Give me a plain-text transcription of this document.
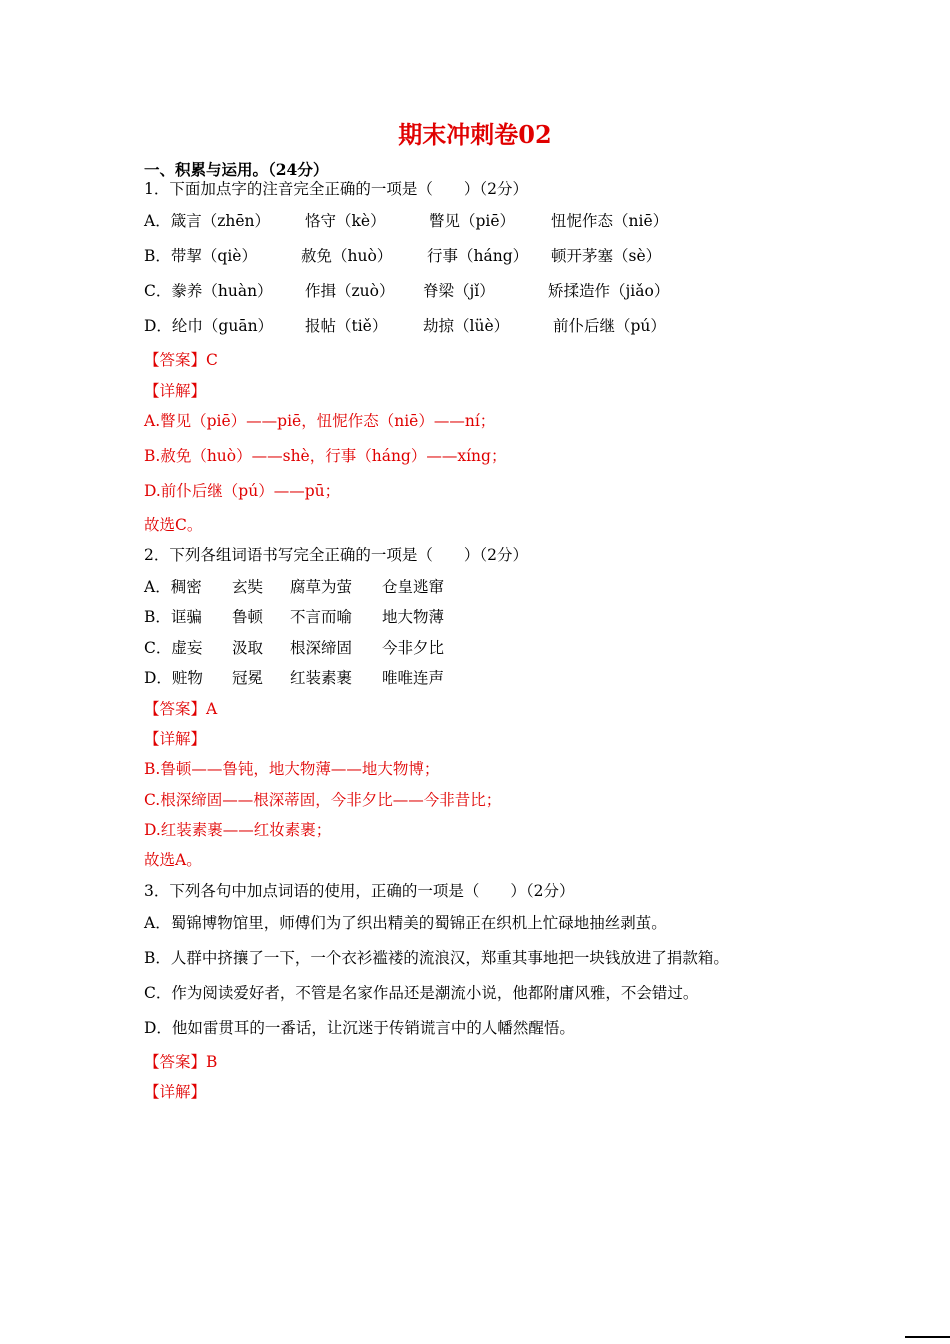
期末冲刺卷02
一、积累与运用。（24分）
1．下面加点字的注音完全正确的一项是（　　）（2分）
A．箴言（zhēn） 恪守（kè）	瞥见（piē） 忸怩作态（niē）
B．带挈（qiè）	赦免（huò） 行事（háng） 顿开茅塞（sè）
C．豢养（huàn） 作揖（zuò） 脊梁（jǐ）	矫揉造作（jiǎo）
D．纶巾（guān） 报帖（tiě） 劫掠（lüè）	前仆后继（pú）
【答案】C
【详解】
A.瞥见（piē）——piē，忸怩作态（niē）——ní；
B.赦免（huò）——shè，行事（háng）——xíng；
D.前仆后继（pú）——pū；
故选C。
2．下列各组词语书写完全正确的一项是（　　）（2分）
A．稠密 玄奘 腐草为萤 仓皇逃窜
B．诓骗 鲁顿 不言而喻 地大物薄
C．虚妄 汲取 根深缔固 今非夕比
D．赃物 冠冕 红装素裹 唯唯连声
【答案】A
【详解】
B.鲁顿——鲁钝，地大物薄——地大物博；
C.根深缔固——根深蒂固，今非夕比——今非昔比；
D.红装素裹——红妆素裹；
故选A。
3．下列各句中加点词语的使用，正确的一项是（　　）（2分）
A．蜀锦博物馆里，师傅们为了织出精美的蜀锦正在织机上忙碌地抽丝剥茧。
B．人群中挤攘了一下，一个衣衫褴褛的流浪汉，郑重其事地把一块钱放进了捐款箱。
C．作为阅读爱好者，不管是名家作品还是潮流小说，他都附庸风雅，不会错过。
D．他如雷贯耳的一番话，让沉迷于传销谎言中的人幡然醒悟。
【答案】B
【详解】
